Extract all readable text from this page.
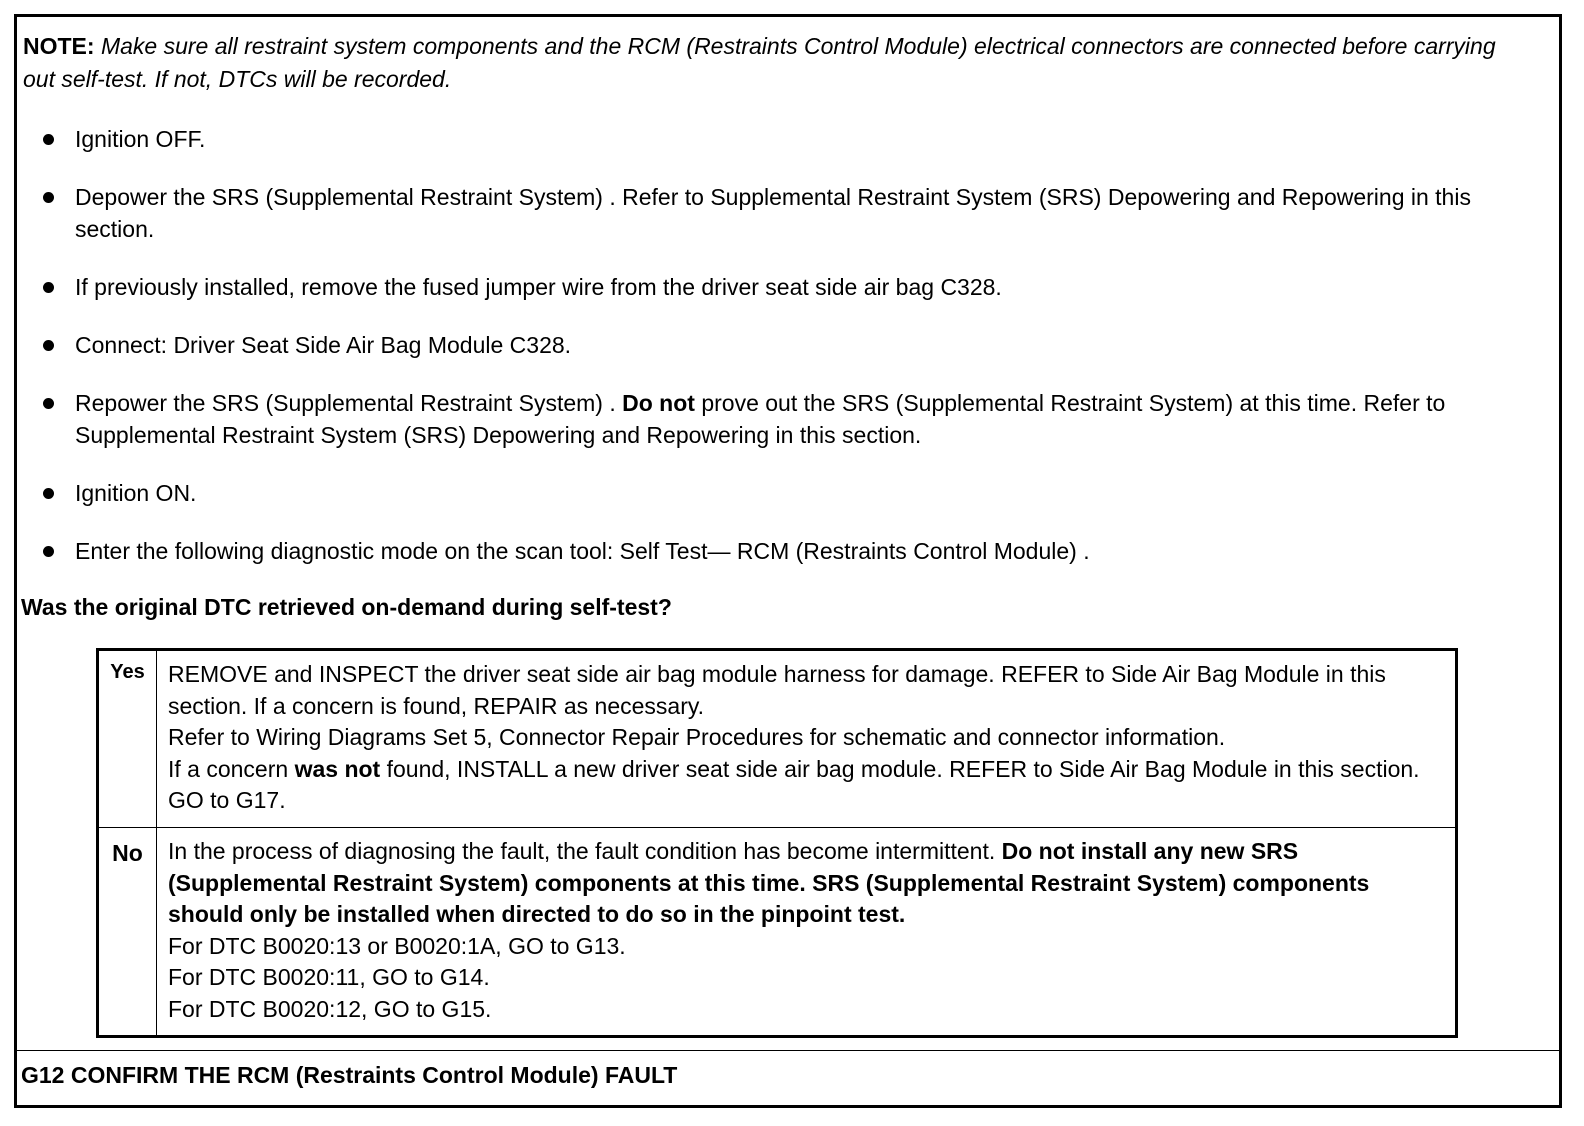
NOTE: Make sure all restraint system components and the RCM (Restraints Control Module) electrical connectors are connected before carrying out self-test. If not, DTCs will be recorded.
Ignition OFF.
Depower the SRS (Supplemental Restraint System) . Refer to Supplemental Restraint System (SRS) Depowering and Repowering in this section.
If previously installed, remove the fused jumper wire from the driver seat side air bag C328.
Connect: Driver Seat Side Air Bag Module C328.
Repower the SRS (Supplemental Restraint System) . Do not prove out the SRS (Supplemental Restraint System) at this time. Refer to Supplemental Restraint System (SRS) Depowering and Repowering in this section.
Ignition ON.
Enter the following diagnostic mode on the scan tool: Self Test— RCM (Restraints Control Module) .
Was the original DTC retrieved on-demand during self-test?
Yes	REMOVE and INSPECT the driver seat side air bag module harness for damage. REFER to Side Air Bag Module in this section. If a concern is found, REPAIR as necessary.
Refer to Wiring Diagrams Set 5, Connector Repair Procedures for schematic and connector information.
If a concern was not found, INSTALL a new driver seat side air bag module. REFER to Side Air Bag Module in this section. GO to G17.
No	In the process of diagnosing the fault, the fault condition has become intermittent. Do not install any new SRS (Supplemental Restraint System) components at this time. SRS (Supplemental Restraint System) components should only be installed when directed to do so in the pinpoint test.
For DTC B0020:13 or B0020:1A, GO to G13.
For DTC B0020:11, GO to G14.
For DTC B0020:12, GO to G15.
G12 CONFIRM THE RCM (Restraints Control Module) FAULT
